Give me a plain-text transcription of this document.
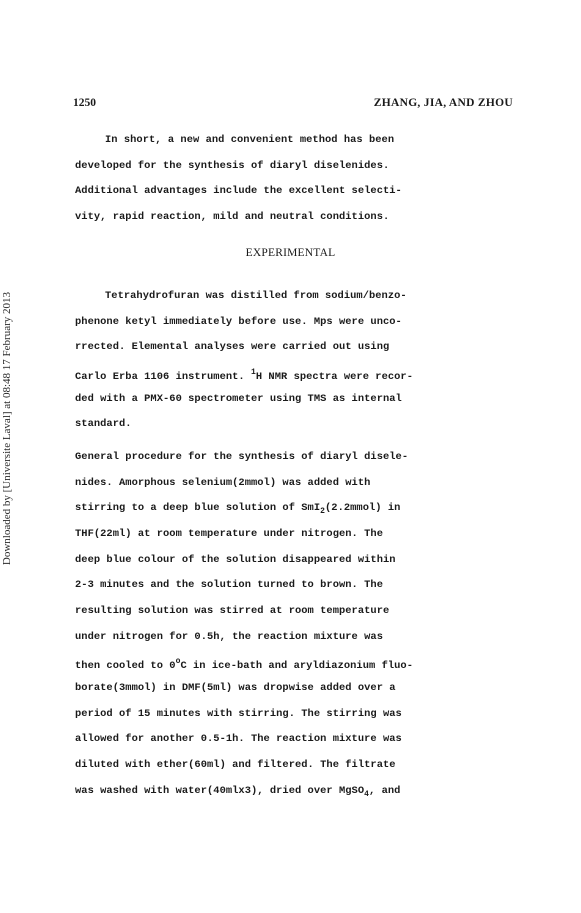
1250	ZHANG, JIA, AND ZHOU
Downloaded by [Universite Laval] at 08:48 17 February 2013
In short, a new and convenient method has been
developed for the synthesis of diaryl diselenides.
Additional advantages include the excellent selecti-
vity, rapid reaction, mild and neutral conditions.
EXPERIMENTAL
Tetrahydrofuran was distilled from sodium/benzo-
phenone ketyl immediately before use. Mps were unco-
rrected. Elemental analyses were carried out using
Carlo Erba 1106 instrument. $^1$H NMR spectra were recor-
ded with a PMX-60 spectrometer using TMS as internal
standard.
General procedure for the synthesis of diaryl disele-
nides. Amorphous selenium(2mmol) was added with
stirring to a deep blue solution of SmI$_2$(2.2mmol) in
THF(22ml) at room temperature under nitrogen. The
deep blue colour of the solution disappeared within
2-3 minutes and the solution turned to brown. The
resulting solution was stirred at room temperature
under nitrogen for 0.5h, the reaction mixture was
then cooled to 0$^o$C in ice-bath and aryldiazonium fluo-
borate(3mmol) in DMF(5ml) was dropwise added over a
period of 15 minutes with stirring. The stirring was
allowed for another 0.5-1h. The reaction mixture was
diluted with ether(60ml) and filtered. The filtrate
was washed with water(40mlx3), dried over MgSO$_4$, and
